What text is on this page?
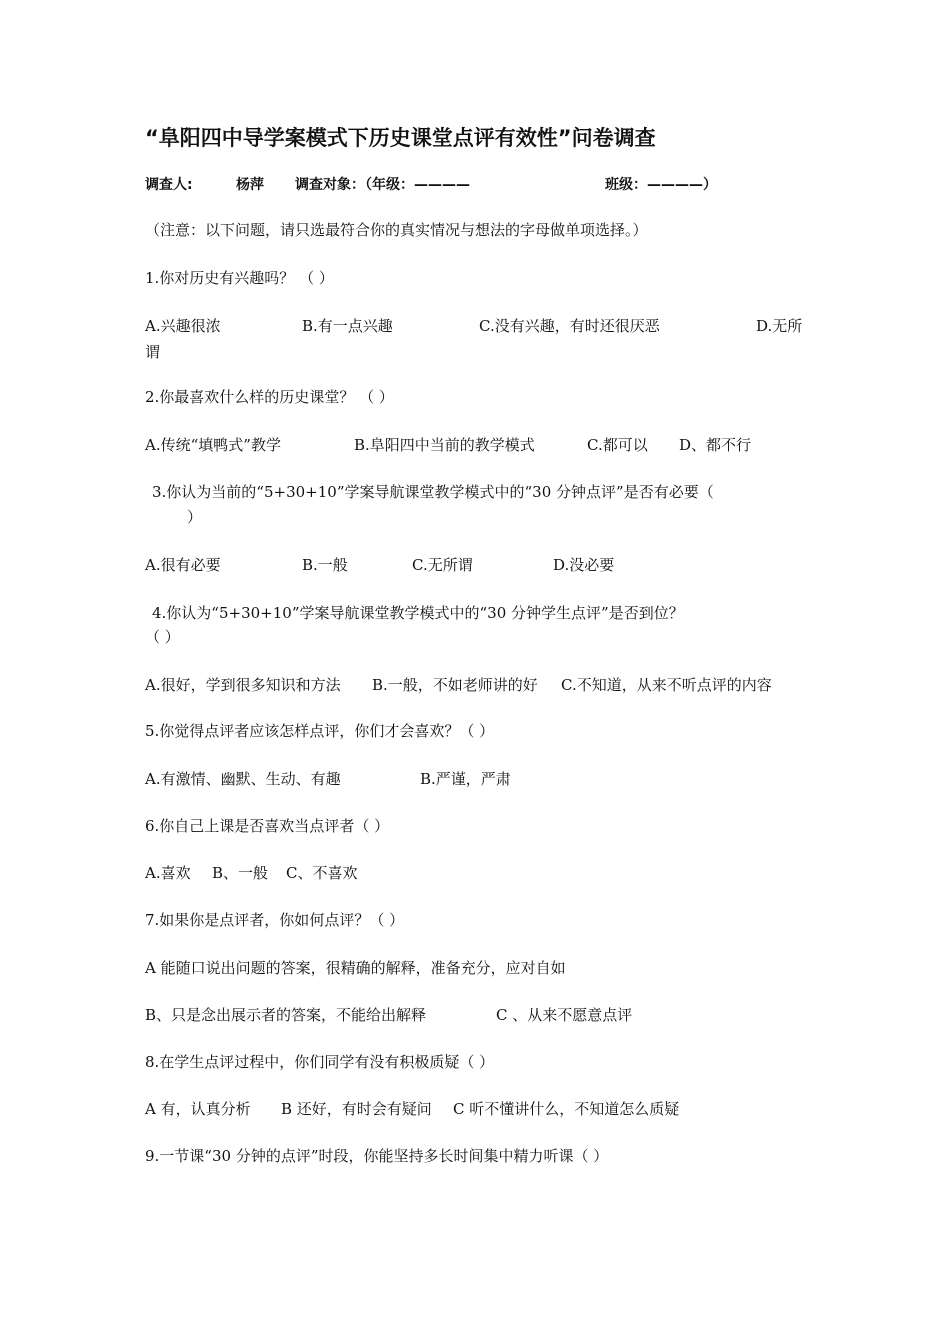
“阜阳四中导学案模式下历史课堂点评有效性”问卷调查
调查人:	杨萍 调查对象：（年级：————	班级：————）
（注意：以下问题，请只选最符合你的真实情况与想法的字母做单项选择。）
1.你对历史有兴趣吗？ （ ）
A.兴趣很浓	B.有一点兴趣	C.没有兴趣，有时还很厌恶	D.无所
谓
2.你最喜欢什么样的历史课堂？ （ ）
A.传统“填鸭式”教学	B.阜阳四中当前的教学模式	C.都可以 D、都不行
3.你认为当前的“5+30+10”学案导航课堂教学模式中的“30 分钟点评”是否有必要（
）
A.很有必要	B.一般	C.无所谓	D.没必要
4.你认为“5+30+10”学案导航课堂教学模式中的“30 分钟学生点评”是否到位？
（ ）
A.很好，学到很多知识和方法 B.一般，不如老师讲的好 C.不知道，从来不听点评的内容
5.你觉得点评者应该怎样点评，你们才会喜欢？（ ）
A.有激情、幽默、生动、有趣	B.严谨，严肃
6.你自己上课是否喜欢当点评者（ ）
A.喜欢 B、一般 C、不喜欢
7.如果你是点评者，你如何点评？（ ）
A 能随口说出问题的答案，很精确的解释，准备充分，应对自如
B、只是念出展示者的答案，不能给出解释	C 、从来不愿意点评
8.在学生点评过程中，你们同学有没有积极质疑（ ）
A 有，认真分析 B 还好，有时会有疑问 C 听不懂讲什么，不知道怎么质疑
9.一节课“30 分钟的点评”时段，你能坚持多长时间集中精力听课（ ）
